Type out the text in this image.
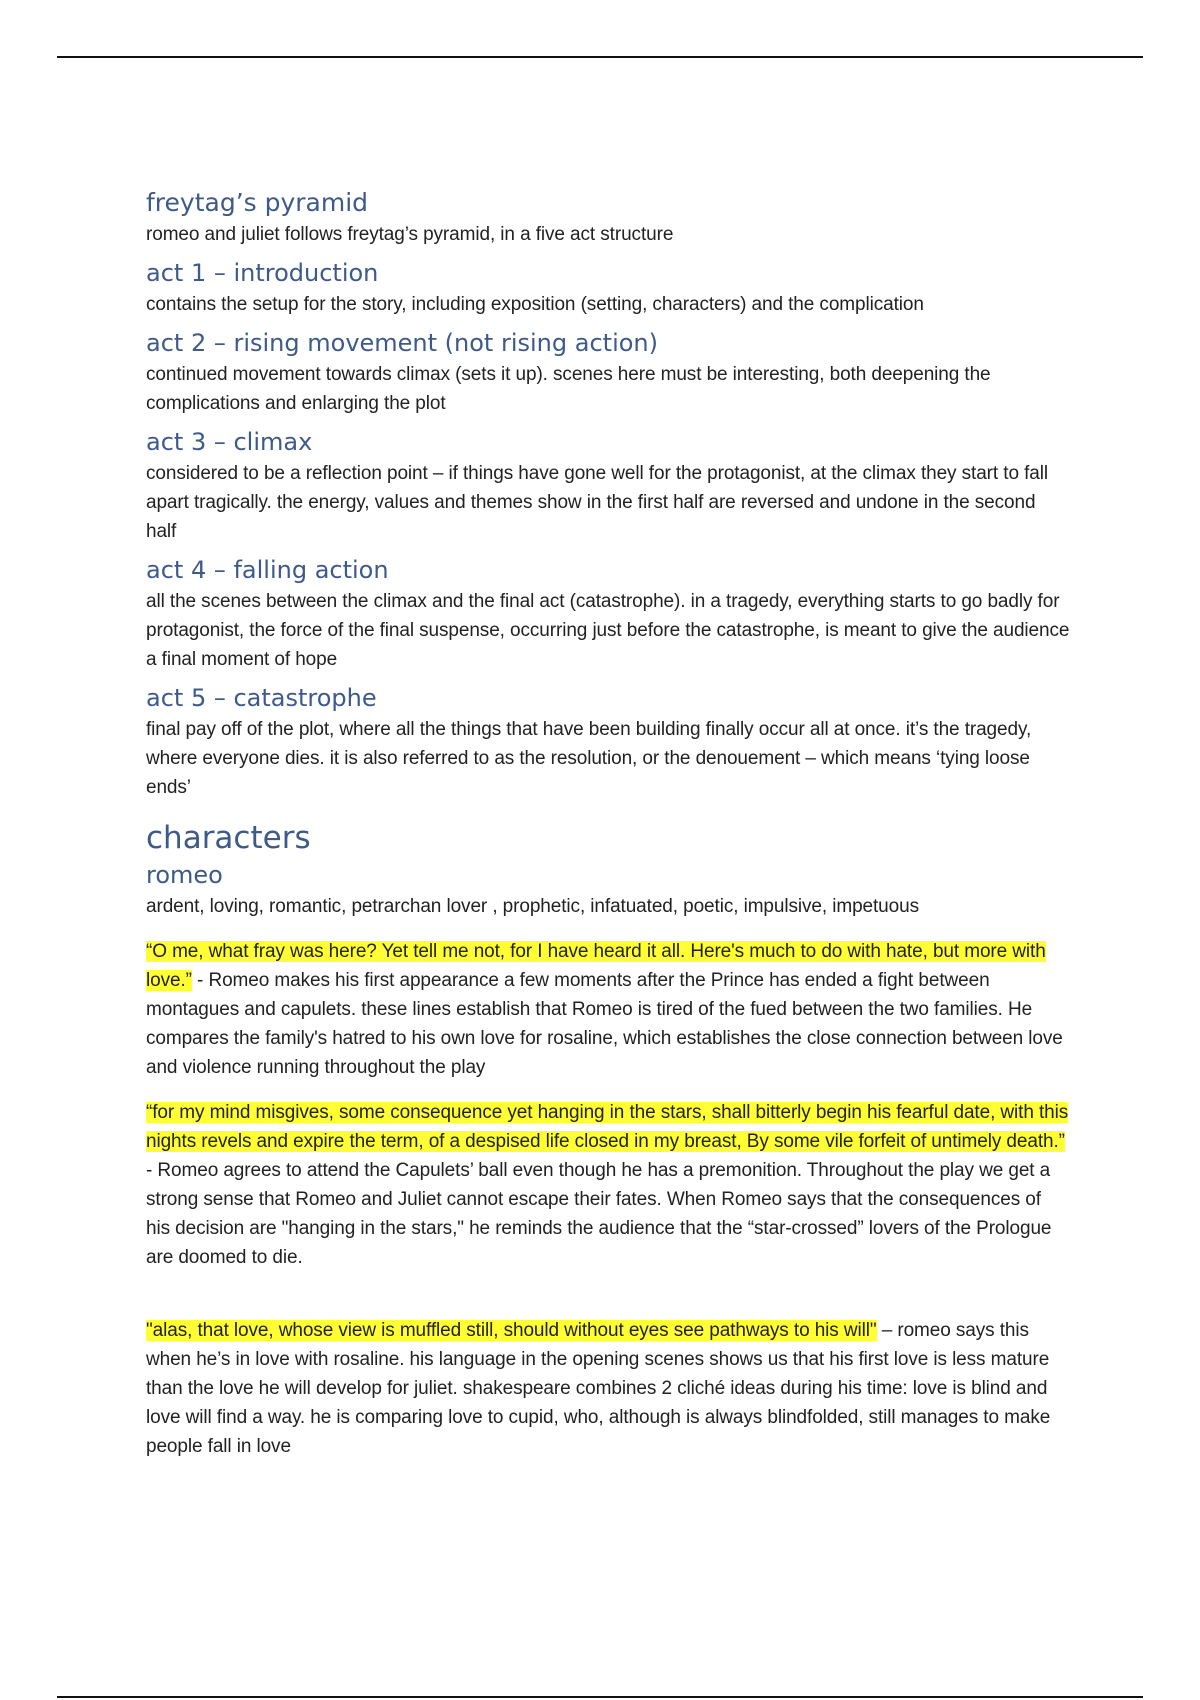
freytag’s pyramid

romeo and juliet follows freytag’s pyramid, in a five act structure

act 1 – introduction

contains the setup for the story, including exposition (setting, characters) and the complication

act 2 – rising movement (not rising action)

continued movement towards climax (sets it up). scenes here must be interesting, both deepening the complications and enlarging the plot

act 3 – climax

considered to be a reflection point – if things have gone well for the protagonist, at the climax they start to fall apart tragically. the energy, values and themes show in the first half are reversed and undone in the second half

act 4 – falling action

all the scenes between the climax and the final act (catastrophe). in a tragedy, everything starts to go badly for protagonist, the force of the final suspense, occurring just before the catastrophe, is meant to give the audience a final moment of hope

act 5 – catastrophe

final pay off of the plot, where all the things that have been building finally occur all at once. it’s the tragedy, where everyone dies. it is also referred to as the resolution, or the denouement – which means ‘tying loose ends’

characters
romeo

ardent, loving, romantic, petrarchan lover , prophetic, infatuated, poetic, impulsive, impetuous

“O me, what fray was here? Yet tell me not, for I have heard it all. Here's much to do with hate, but more with love.” - Romeo makes his first appearance a few moments after the Prince has ended a fight between montagues and capulets. these lines establish that Romeo is tired of the fued between the two families. He compares the family's hatred to his own love for rosaline, which establishes the close connection between love and violence running throughout the play

“for my mind misgives, some consequence yet hanging in the stars, shall bitterly begin his fearful date, with this nights revels and expire the term, of a despised life closed in my breast, By some vile forfeit of untimely death.” - Romeo agrees to attend the Capulets’ ball even though he has a premonition. Throughout the play we get a strong sense that Romeo and Juliet cannot escape their fates. When Romeo says that the consequences of his decision are "hanging in the stars," he reminds the audience that the “star-crossed” lovers of the Prologue are doomed to die.

"alas, that love, whose view is muffled still, should without eyes see pathways to his will" – romeo says this when he’s in love with rosaline. his language in the opening scenes shows us that his first love is less mature than the love he will develop for juliet. shakespeare combines 2 cliché ideas during his time: love is blind and love will find a way. he is comparing love to cupid, who, although is always blindfolded, still manages to make people fall in love
